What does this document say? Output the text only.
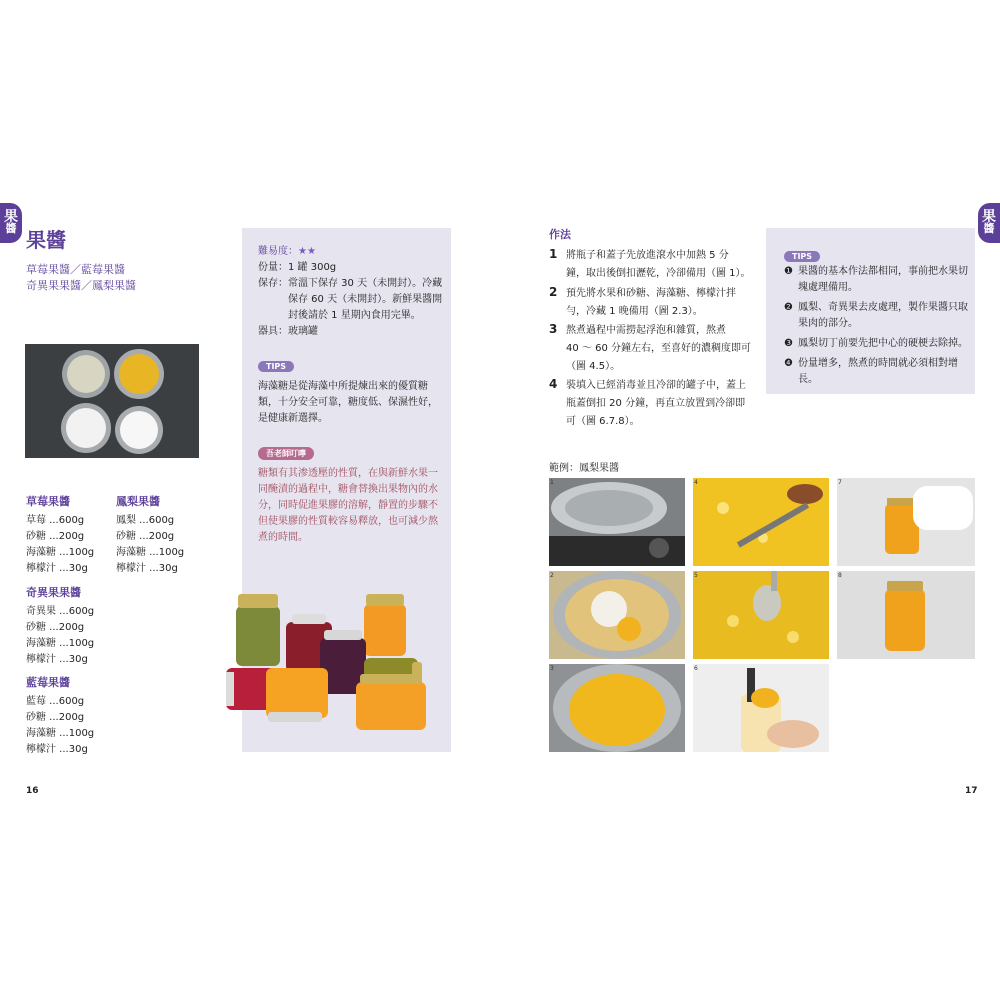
果
醬 果醬
草莓果醬／藍莓果醬
奇異果果醬／鳳梨果醬
草莓果醬
草莓 ...600g
砂糖 ...200g
海藻糖 ...100g
檸檬汁 ...30g
鳳梨果醬
鳳梨 ...600g
砂糖 ...200g
海藻糖 ...100g
檸檬汁 ...30g
奇異果果醬
奇異果 ...600g
砂糖 ...200g
海藻糖 ...100g
檸檬汁 ...30g
藍莓果醬
藍莓 ...600g
砂糖 ...200g
海藻糖 ...100g
檸檬汁 ...30g
難易度：★★
份量：1 罐 300g
保存： 常溫下保存 30 天（未開封）。冷藏
保存 60 天（未開封）。新鮮果醬開
封後請於 1 星期內食用完畢。
器具：玻璃罐
TIPS
海藻糖是從海藻中所提煉出來的優質糖
類，十分安全可靠，糖度低、保濕性好，
是健康新選擇。
吾老師叮嚀
糖類有其渗透壓的性質，在與新鮮水果一
同醃漬的過程中，糖會替換出果物內的水
分，同時促進果膠的溶解，靜置的步驟不
但使果膠的性質較容易釋放，也可減少熬
煮的時間。
16
果
醬
作法
1 將瓶子和蓋子先放進滾水中加熱 5 分
鐘，取出後倒扣瀝乾，冷卻備用（圖 1）。
2 預先將水果和砂糖、海藻糖、檸檬汁拌
勻，冷藏 1 晚備用（圖 2.3）。
3 熬煮過程中需撈起浮泡和雜質，熬煮
40 ～ 60 分鐘左右，至喜好的濃稠度即可
（圖 4.5）。
4 裝填入已經消毒並且冷卻的罐子中，蓋上
瓶蓋倒扣 20 分鐘，再直立放置到冷卻即
可（圖 6.7.8）。
TIPS
❶ 果醬的基本作法都相同，事前把水果切
塊處理備用。
❷ 鳳梨、奇異果去皮處理，製作果醬只取
果肉的部分。
❸ 鳳梨切丁前要先把中心的硬梗去除掉。
❹ 份量增多，熬煮的時間就必須相對增
長。
範例：鳳梨果醬
1
2
3
4
5
6
7
8
17
